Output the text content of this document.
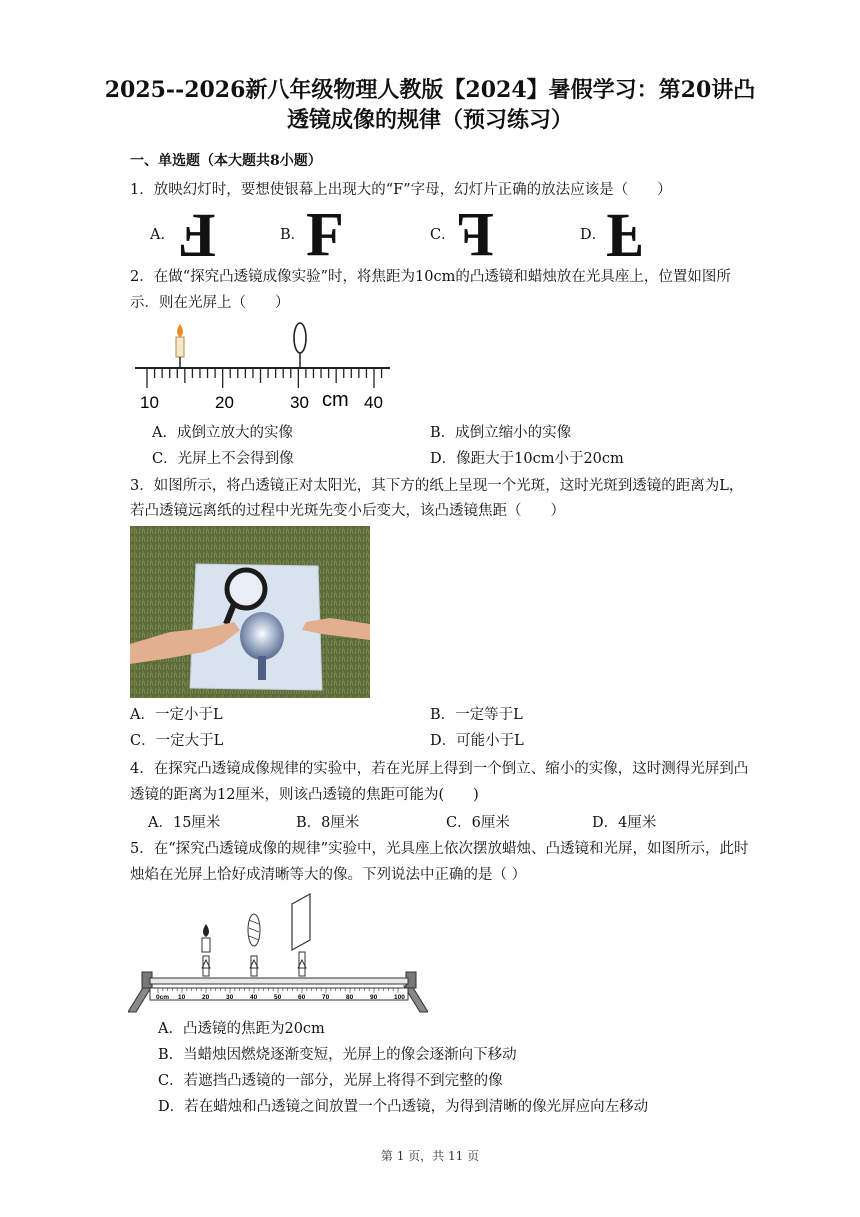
2025--2026新八年级物理人教版【2024】暑假学习：第20讲凸
透镜成像的规律（预习练习）
一、单选题（本大题共8小题）
1．放映幻灯时，要想使银幕上出现大的“F”字母，幻灯片正确的放法应该是（　　）
A． F	B． F	C． F	D． F
2．在做“探究凸透镜成像实验”时，将焦距为10cm的凸透镜和蜡烛放在光具座上，位置如图所
示．则在光屏上（　　）
10	20	30 cm 40
A．成倒立放大的实像	B．成倒立缩小的实像
C．光屏上不会得到像	D．像距大于10cm小于20cm
3．如图所示，将凸透镜正对太阳光，其下方的纸上呈现一个光斑，这时光斑到透镜的距离为L，
若凸透镜远离纸的过程中光斑先变小后变大，该凸透镜焦距（　　）
A．一定小于L	B．一定等于L
C．一定大于L	D．可能小于L
4．在探究凸透镜成像规律的实验中，若在光屏上得到一个倒立、缩小的实像，这时测得光屏到凸
透镜的距离为12厘米，则该凸透镜的焦距可能为(　　)
A．15厘米	B．8厘米	C．6厘米	D．4厘米
5．在“探究凸透镜成像的规律”实验中，光具座上依次摆放蜡烛、凸透镜和光屏，如图所示，此时
烛焰在光屏上恰好成清晰等大的像。下列说法中正确的是（ ）
0cm 10	20	30	40	50	60	70	80	90	100
A．凸透镜的焦距为20cm
B．当蜡烛因燃烧逐渐变短，光屏上的像会逐渐向下移动
C．若遮挡凸透镜的一部分，光屏上将得不到完整的像
D．若在蜡烛和凸透镜之间放置一个凸透镜，为得到清晰的像光屏应向左移动
第 1 页，共 11 页
